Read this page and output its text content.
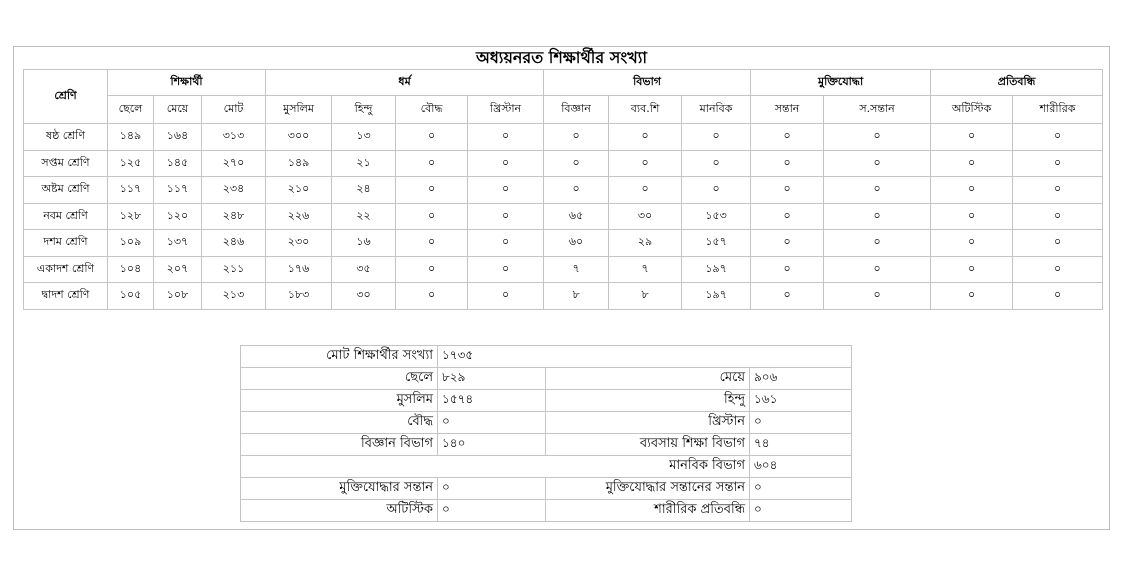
অধ্যয়নরত শিক্ষার্থীর সংখ্যা
শ্রেণি	শিক্ষার্থী			ধর্ম				বিভাগ			মুক্তিযোদ্ধা		প্রতিবন্ধি	
	ছেলে	মেয়ে	মোট	মুসলিম	হিন্দু	বৌদ্ধ	খ্রিস্টান	বিজ্ঞান	ব্যব.শি	মানবিক	সন্তান	স.সন্তান	অটিস্টিক	শারীরিক
ষষ্ঠ শ্রেণি	১৪৯	১৬৪	৩১৩	৩০০	১৩	০	০	০	০	০	০	০	০	০
সপ্তম শ্রেণি	১২৫	১৪৫	২৭০	১৪৯	২১	০	০	০	০	০	০	০	০	০
অষ্টম শ্রেণি	১১৭	১১৭	২৩৪	২১০	২৪	০	০	০	০	০	০	০	০	০
নবম শ্রেণি	১২৮	১২০	২৪৮	২২৬	২২	০	০	৬৫	৩০	১৫৩	০	০	০	০
দশম শ্রেণি	১০৯	১৩৭	২৪৬	২৩০	১৬	০	০	৬০	২৯	১৫৭	০	০	০	০
একাদশ শ্রেণি	১০৪	২০৭	২১১	১৭৬	৩৫	০	০	৭	৭	১৯৭	০	০	০	০
দ্বাদশ শ্রেণি	১০৫	১০৮	২১৩	১৮৩	৩০	০	০	৮	৮	১৯৭	০	০	০	০
মোট শিক্ষার্থীর সংখ্যা	১৭৩৫		
ছেলে	৮২৯	মেয়ে	৯০৬
মুসলিম	১৫৭৪	হিন্দু	১৬১
বৌদ্ধ	০	খ্রিস্টান	০
বিজ্ঞান বিভাগ	১৪০	ব্যবসায় শিক্ষা বিভাগ	৭৪
মানবিক বিভাগ			৬০৪
মুক্তিযোদ্ধার সন্তান	০	মুক্তিযোদ্ধার সন্তানের সন্তান	০
অটিস্টিক	০	শারীরিক প্রতিবন্ধি	০
